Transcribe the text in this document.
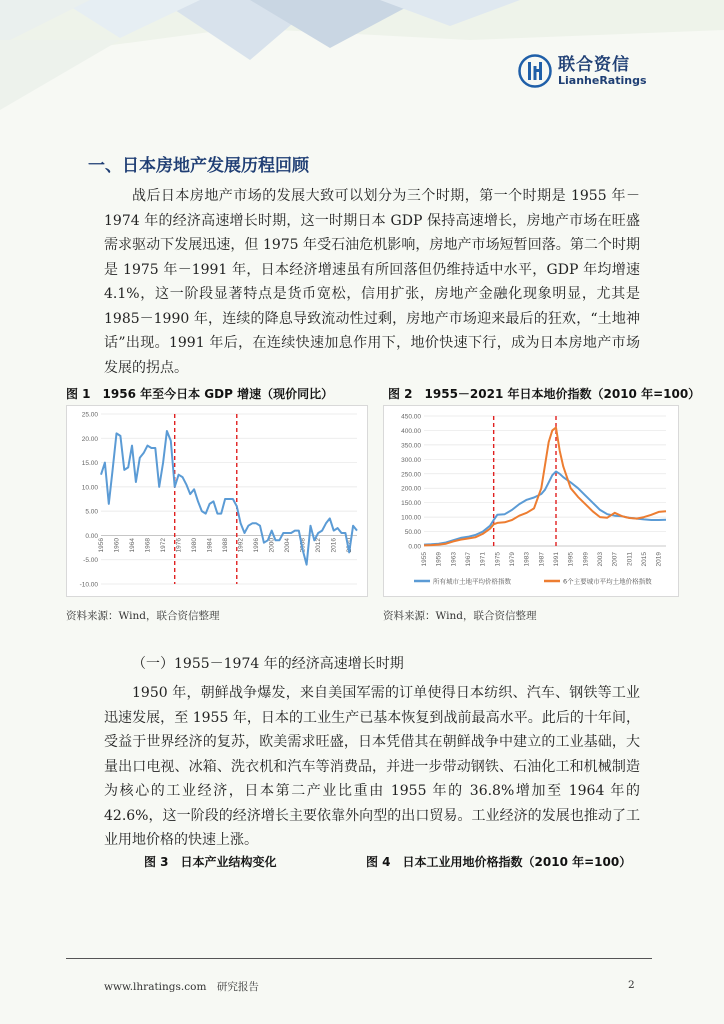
联合资信
LianheRatings
一、日本房地产发展历程回顾

战后日本房地产市场的发展大致可以划分为三个时期，第一个时期是 1955 年－1974 年的经济高速增长时期，这一时期日本 GDP 保持高速增长，房地产市场在旺盛需求驱动下发展迅速，但 1975 年受石油危机影响，房地产市场短暂回落。第二个时期是 1975 年－1991 年，日本经济增速虽有所回落但仍维持适中水平，GDP 年均增速 4.1%，这一阶段显著特点是货币宽松，信用扩张，房地产金融化现象明显，尤其是 1985－1990 年，连续的降息导致流动性过剩，房地产市场迎来最后的狂欢，“土地神话”出现。1991 年后，在连续快速加息作用下，地价快速下行，成为日本房地产市场发展的拐点。

图 1　1956 年至今日本 GDP 增速（现价同比）	图 2　1955－2021 年日本地价指数（2010 年=100）
25.00
20.00
15.00
10.00
5.00
0.00
-5.00
-10.00
1956 1960 1964 1968 1972 1976 1980 1984 1988 1992 1996 2000 2004 2008 2012 2016 2020
450.00
400.00
350.00
300.00
250.00
200.00
150.00
100.00
50.00
0.00
1955 1959 1963 1967 1971 1975 1979 1983 1987 1991 1995 1999 2003 2007 2011 2015 2019
所有城市土地平均价格指数	6个主要城市平均土地价格指数
资料来源：Wind，联合资信整理	资料来源：Wind，联合资信整理
（一）1955－1974 年的经济高速增长时期

1950 年，朝鲜战争爆发，来自美国军需的订单使得日本纺织、汽车、钢铁等工业迅速发展，至 1955 年，日本的工业生产已基本恢复到战前最高水平。此后的十年间，受益于世界经济的复苏，欧美需求旺盛，日本凭借其在朝鲜战争中建立的工业基础，大量出口电视、冰箱、洗衣机和汽车等消费品，并进一步带动钢铁、石油化工和机械制造为核心的工业经济，日本第二产业比重由 1955 年的 36.8%增加至 1964 年的 42.6%，这一阶段的经济增长主要依靠外向型的出口贸易。工业经济的发展也推动了工业用地价格的快速上涨。

图 3　日本产业结构变化	图 4　日本工业用地价格指数（2010 年=100）
www.lhratings.com　研究报告	2
